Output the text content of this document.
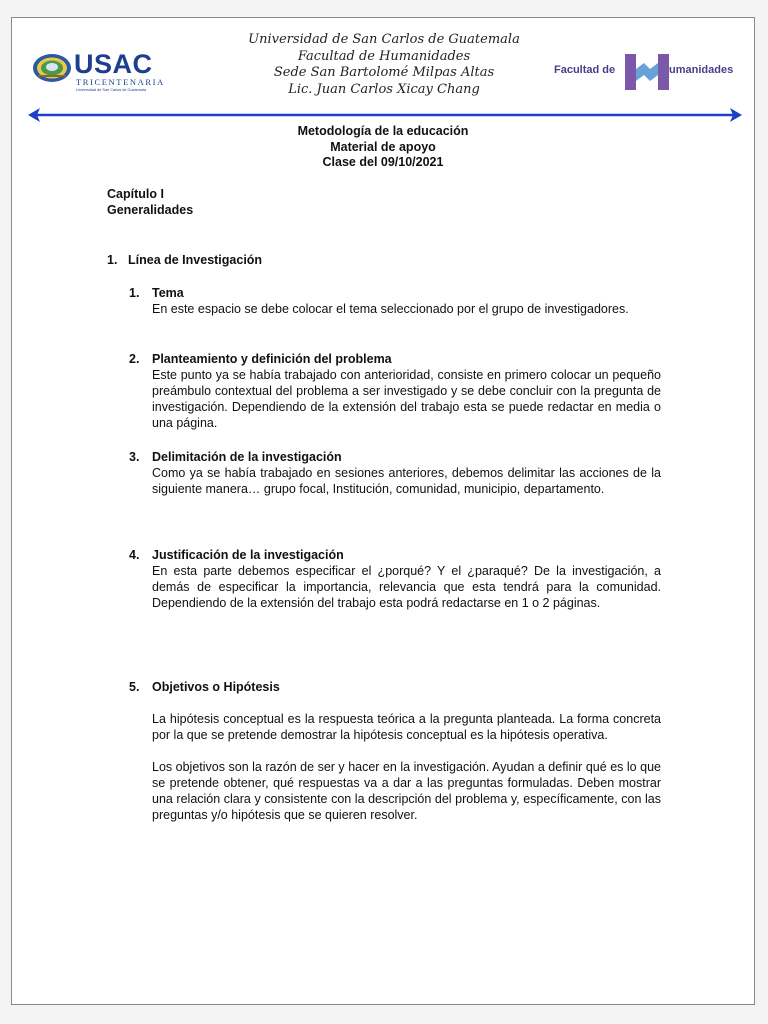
USAC
TRICENTENARIA
Universidad de San Carlos de Guatemala
Universidad de San Carlos de Guatemala
Facultad de Humanidades
Sede San Bartolomé Milpas Altas
Lic. Juan Carlos Xicay Chang
Facultad de	umanidades
Metodología de la educación
Material de apoyo
Clase del 09/10/2021
Capítulo I
Generalidades
1. Línea de Investigación
1. Tema

En este espacio se debe colocar el tema seleccionado por el grupo de investigadores.

2. Planteamiento y definición del problema

Este punto ya se había trabajado con anterioridad, consiste en primero colocar un pequeño preámbulo contextual del problema a ser investigado y se debe concluir con la pregunta de investigación. Dependiendo de la extensión del trabajo esta se puede redactar en media o una página.

3. Delimitación de la investigación

Como ya se había trabajado en sesiones anteriores, debemos delimitar las acciones de la siguiente manera… grupo focal, Institución, comunidad, municipio, departamento.

4. Justificación de la investigación

En esta parte debemos especificar el ¿porqué? Y el ¿paraqué? De la investigación, a demás de especificar la importancia, relevancia que esta tendrá para la comunidad. Dependiendo de la extensión del trabajo esta podrá redactarse en 1 o 2 páginas.

5. Objetivos o Hipótesis

La hipótesis conceptual es la respuesta teórica a la pregunta planteada. La forma concreta por la que se pretende demostrar la hipótesis conceptual es la hipótesis operativa.

Los objetivos son la razón de ser y hacer en la investigación. Ayudan a definir qué es lo que se pretende obtener, qué respuestas va a dar a las preguntas formuladas. Deben mostrar una relación clara y consistente con la descripción del problema y, específicamente, con las preguntas y/o hipótesis que se quieren resolver.
